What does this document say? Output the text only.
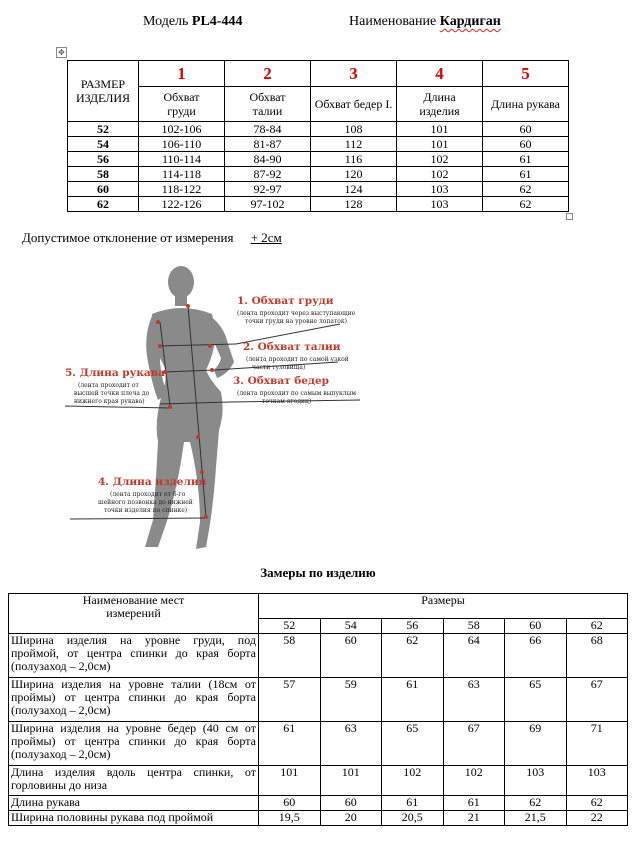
Модель PL4-444	Наименование Кардиган
✥
РАЗМЕР ИЗДЕЛИЯ	1	2	3	4	5
	Обхват груди	Обхват талии	Обхват бедер I.	Длина изделия	Длина рукава
52	102-106	78-84	108	101	60
54	106-110	81-87	112	101	60
56	110-114	84-90	116	102	61
58	114-118	87-92	120	102	61
60	118-122	92-97	124	103	62
62	122-126	97-102	128	103	62
Допустимое отклонение от измерения + 2см
1. Обхват груди
(лента проходит через выступающие
точки груди на уровне лопаток)
2. Обхват талии
(лента проходит по самой узкой
части туловища)
3. Обхват бедер
(лента проходит по самым выпуклым
точкам ягодиц)
5. Длина рукава
(лента проходит от
высшей точки плеча до
нижнего края рукава)
4. Длина изделия
(лента проходит от 6-го
шейного позвонка до нижней
точки изделия по спинке)
Замеры по изделию
Наименование мест измерений	Размеры					
	52	54	56	58	60	62
Ширина изделия на уровне груди, под проймой, от центра спинки до края борта (полузаход – 2,0см)	58	60	62	64	66	68
Ширина изделия на уровне талии (18см от проймы) от центра спинки до края борта (полузаход – 2,0см)	57	59	61	63	65	67
Ширина изделия на уровне бедер (40 см от проймы) от центра спинки до края борта (полузаход – 2,0см)	61	63	65	67	69	71
Длина изделия вдоль центра спинки, от горловины до низа	101	101	102	102	103	103
Длина рукава	60	60	61	61	62	62
Ширина половины рукава под проймой	19,5	20	20,5	21	21,5	22
